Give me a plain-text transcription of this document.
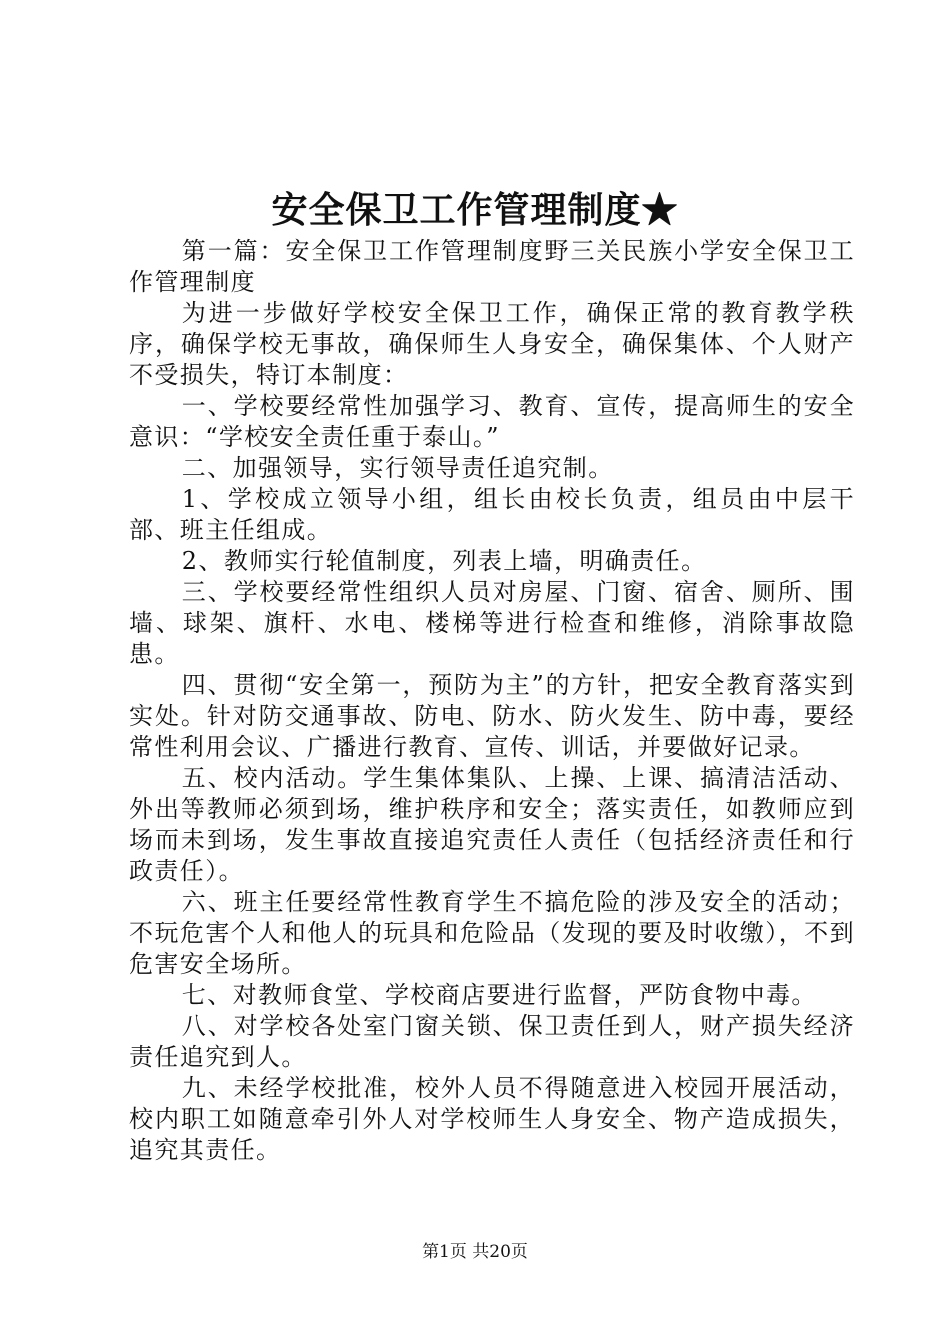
安全保卫工作管理制度★

第一篇：安全保卫工作管理制度野三关民族小学安全保卫工作管理制度

为进一步做好学校安全保卫工作，确保正常的教育教学秩序，确保学校无事故，确保师生人身安全，确保集体、个人财产不受损失，特订本制度：

一、学校要经常性加强学习、教育、宣传，提高师生的安全意识：“学校安全责任重于泰山。”

二、加强领导，实行领导责任追究制。

1、学校成立领导小组，组长由校长负责，组员由中层干部、班主任组成。

2、教师实行轮值制度，列表上墙，明确责任。

三、学校要经常性组织人员对房屋、门窗、宿舍、厕所、围墙、球架、旗杆、水电、楼梯等进行检查和维修，消除事故隐患。

四、贯彻“安全第一，预防为主”的方针，把安全教育落实到实处。针对防交通事故、防电、防水、防火发生、防中毒，要经常性利用会议、广播进行教育、宣传、训话，并要做好记录。

五、校内活动。学生集体集队、上操、上课、搞清洁活动、外出等教师必须到场，维护秩序和安全；落实责任，如教师应到场而未到场，发生事故直接追究责任人责任（包括经济责任和行政责任）。

六、班主任要经常性教育学生不搞危险的涉及安全的活动；不玩危害个人和他人的玩具和危险品（发现的要及时收缴），不到危害安全场所。

七、对教师食堂、学校商店要进行监督，严防食物中毒。

八、对学校各处室门窗关锁、保卫责任到人，财产损失经济责任追究到人。

九、未经学校批准，校外人员不得随意进入校园开展活动，校内职工如随意牵引外人对学校师生人身安全、物产造成损失，追究其责任。

第1页 共20页
